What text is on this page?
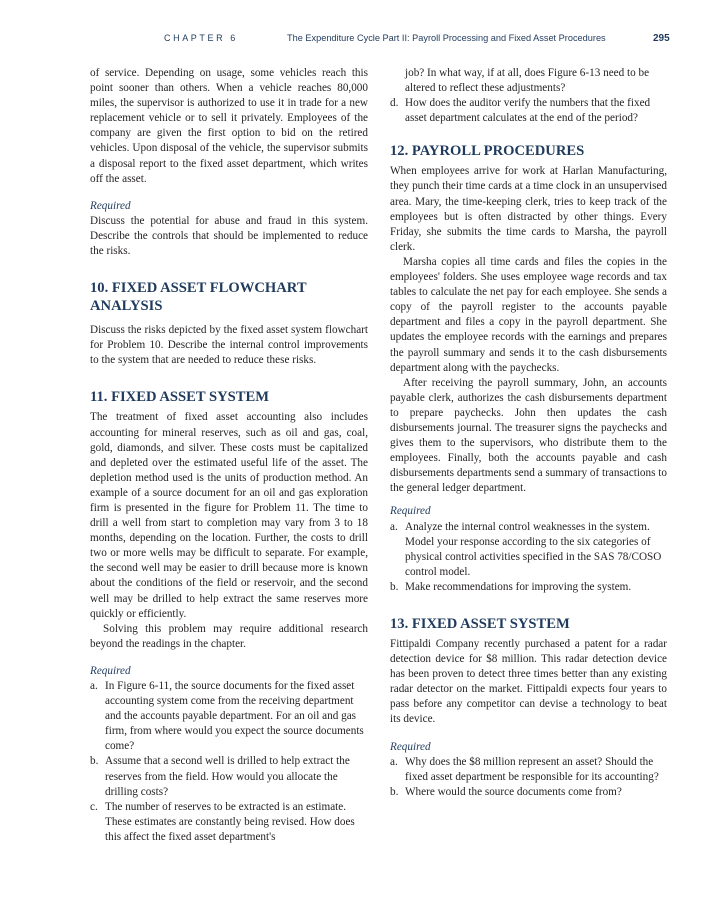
CHAPTER 6	The Expenditure Cycle Part II: Payroll Processing and Fixed Asset Procedures	295

of service. Depending on usage, some vehicles reach this point sooner than others. When a vehicle reaches 80,000 miles, the supervisor is authorized to use it in trade for a new replacement vehicle or to sell it privately. Employees of the company are given the first option to bid on the retired vehicles. Upon disposal of the vehicle, the supervisor submits a disposal report to the fixed asset department, which writes off the asset.

Required

Discuss the potential for abuse and fraud in this system. Describe the controls that should be implemented to reduce the risks.

10. FIXED ASSET FLOWCHART ANALYSIS

Discuss the risks depicted by the fixed asset system flowchart for Problem 10. Describe the internal control improvements to the system that are needed to reduce these risks.

11. FIXED ASSET SYSTEM

The treatment of fixed asset accounting also includes accounting for mineral reserves, such as oil and gas, coal, gold, diamonds, and silver. These costs must be capitalized and depleted over the estimated useful life of the asset. The depletion method used is the units of production method. An example of a source document for an oil and gas exploration firm is presented in the figure for Problem 11. The time to drill a well from start to completion may vary from 3 to 18 months, depending on the location. Further, the costs to drill two or more wells may be difficult to separate. For example, the second well may be easier to drill because more is known about the conditions of the field or reservoir, and the second well may be drilled to help extract the same reserves more quickly or efficiently.

Solving this problem may require additional research beyond the readings in the chapter.

Required

a. In Figure 6-11, the source documents for the fixed asset accounting system come from the receiving department and the accounts payable department. For an oil and gas firm, from where would you expect the source documents come?
b. Assume that a second well is drilled to help extract the reserves from the field. How would you allocate the drilling costs?
c. The number of reserves to be extracted is an estimate. These estimates are constantly being revised. How does this affect the fixed asset department's
job? In what way, if at all, does Figure 6-13 need to be altered to reflect these adjustments?
d. How does the auditor verify the numbers that the fixed asset department calculates at the end of the period?
12. PAYROLL PROCEDURES

When employees arrive for work at Harlan Manufacturing, they punch their time cards at a time clock in an unsupervised area. Mary, the time-keeping clerk, tries to keep track of the employees but is often distracted by other things. Every Friday, she submits the time cards to Marsha, the payroll clerk.

Marsha copies all time cards and files the copies in the employees' folders. She uses employee wage records and tax tables to calculate the net pay for each employee. She sends a copy of the payroll register to the accounts payable department and files a copy in the payroll department. She updates the employee records with the earnings and prepares the payroll summary and sends it to the cash disbursements department along with the paychecks.

After receiving the payroll summary, John, an accounts payable clerk, authorizes the cash disbursements department to prepare paychecks. John then updates the cash disbursements journal. The treasurer signs the paychecks and gives them to the supervisors, who distribute them to the employees. Finally, both the accounts payable and cash disbursements departments send a summary of transactions to the general ledger department.

Required

a. Analyze the internal control weaknesses in the system. Model your response according to the six categories of physical control activities specified in the SAS 78/COSO control model.
b. Make recommendations for improving the system.
13. FIXED ASSET SYSTEM

Fittipaldi Company recently purchased a patent for a radar detection device for $8 million. This radar detection device has been proven to detect three times better than any existing radar detector on the market. Fittipaldi expects four years to pass before any competitor can devise a technology to beat its device.

Required

a. Why does the $8 million represent an asset? Should the fixed asset department be responsible for its accounting?
b. Where would the source documents come from?
